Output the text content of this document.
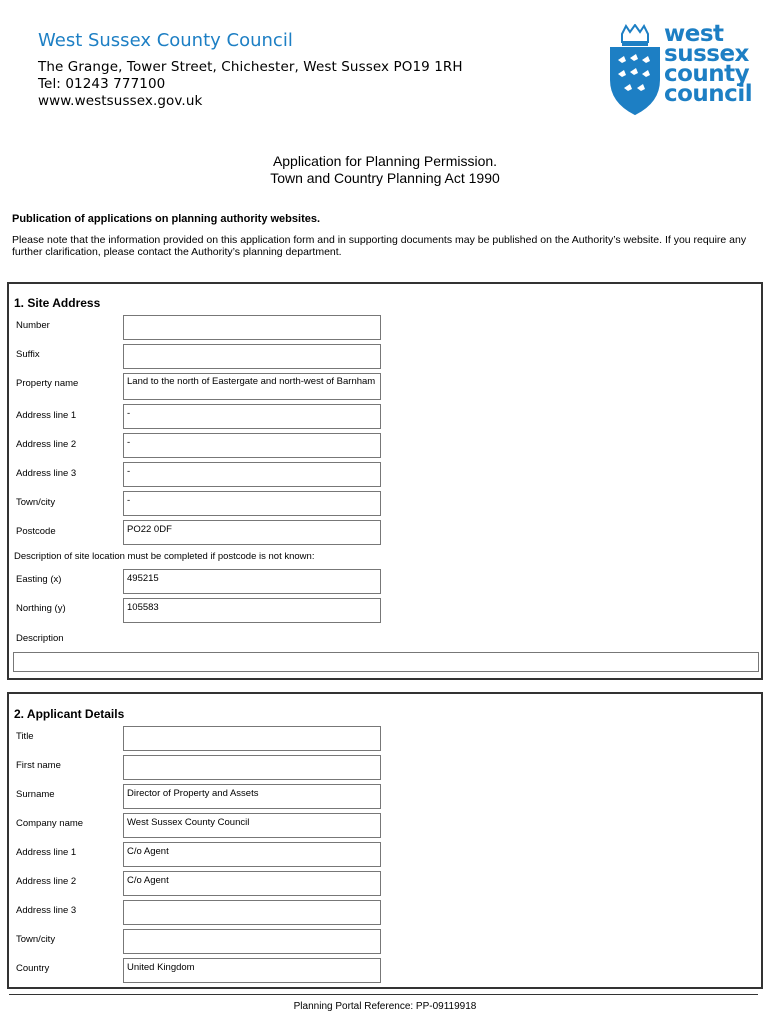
West Sussex County Council
The Grange, Tower Street, Chichester, West Sussex PO19 1RH
Tel: 01243 777100
www.westsussex.gov.uk
west
sussex
county
council
Application for Planning Permission.
Town and Country Planning Act 1990
Publication of applications on planning authority websites.
Please note that the information provided on this application form and in supporting documents may be published on the Authority’s website. If you require any further clarification, please contact the Authority’s planning department.
1. Site Address
Number
Suffix
Property name	Land to the north of Eastergate and north-west of Barnham
Address line 1	-
Address line 2	-
Address line 3	-
Town/city	-
Postcode	PO22 0DF
Description of site location must be completed if postcode is not known:
Easting (x)	495215
Northing (y)	105583
Description
2. Applicant Details
Title
First name
Surname	Director of Property and Assets
Company name	West Sussex County Council
Address line 1	C/o Agent
Address line 2	C/o Agent
Address line 3
Town/city
Country	United Kingdom
Planning Portal Reference: PP-09119918
